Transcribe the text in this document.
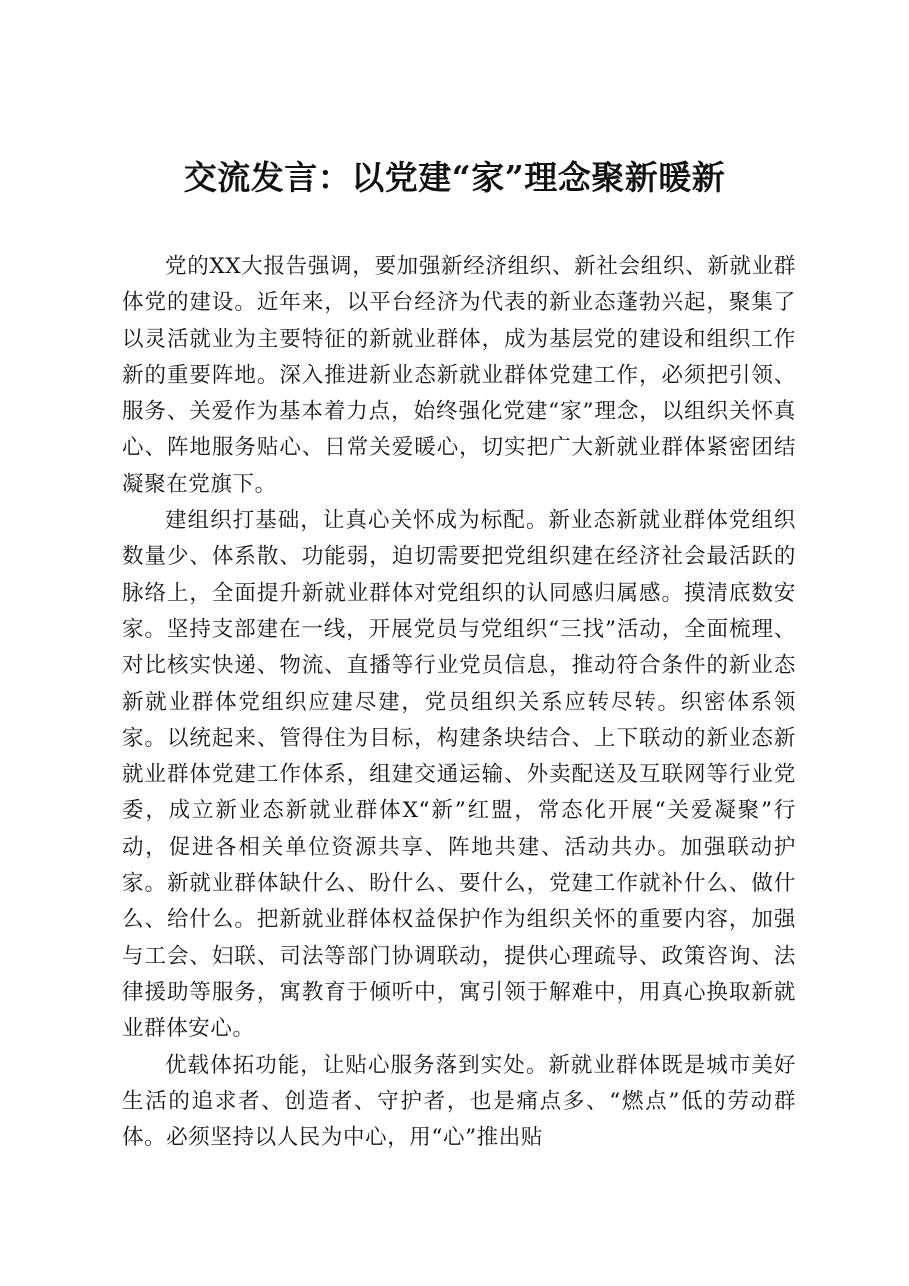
交流发言：以党建“家”理念聚新暖新

党的XX大报告强调，要加强新经济组织、新社会组织、新就业群体党的建设。近年来，以平台经济为代表的新业态蓬勃兴起，聚集了以灵活就业为主要特征的新就业群体，成为基层党的建设和组织工作新的重要阵地。深入推进新业态新就业群体党建工作，必须把引领、服务、关爱作为基本着力点，始终强化党建“家”理念，以组织关怀真心、阵地服务贴心、日常关爱暖心，切实把广大新就业群体紧密团结凝聚在党旗下。

建组织打基础，让真心关怀成为标配。新业态新就业群体党组织数量少、体系散、功能弱，迫切需要把党组织建在经济社会最活跃的脉络上，全面提升新就业群体对党组织的认同感归属感。摸清底数安家。坚持支部建在一线，开展党员与党组织“三找”活动，全面梳理、对比核实快递、物流、直播等行业党员信息，推动符合条件的新业态新就业群体党组织应建尽建，党员组织关系应转尽转。织密体系领家。以统起来、管得住为目标，构建条块结合、上下联动的新业态新就业群体党建工作体系，组建交通运输、外卖配送及互联网等行业党委，成立新业态新就业群体X“新”红盟，常态化开展“关爱凝聚”行动，促进各相关单位资源共享、阵地共建、活动共办。加强联动护家。新就业群体缺什么、盼什么、要什么，党建工作就补什么、做什么、给什么。把新就业群体权益保护作为组织关怀的重要内容，加强与工会、妇联、司法等部门协调联动，提供心理疏导、政策咨询、法律援助等服务，寓教育于倾听中，寓引领于解难中，用真心换取新就业群体安心。

优载体拓功能，让贴心服务落到实处。新就业群体既是城市美好生活的追求者、创造者、守护者，也是痛点多、“燃点”低的劳动群体。必须坚持以人民为中心，用“心”推出贴
